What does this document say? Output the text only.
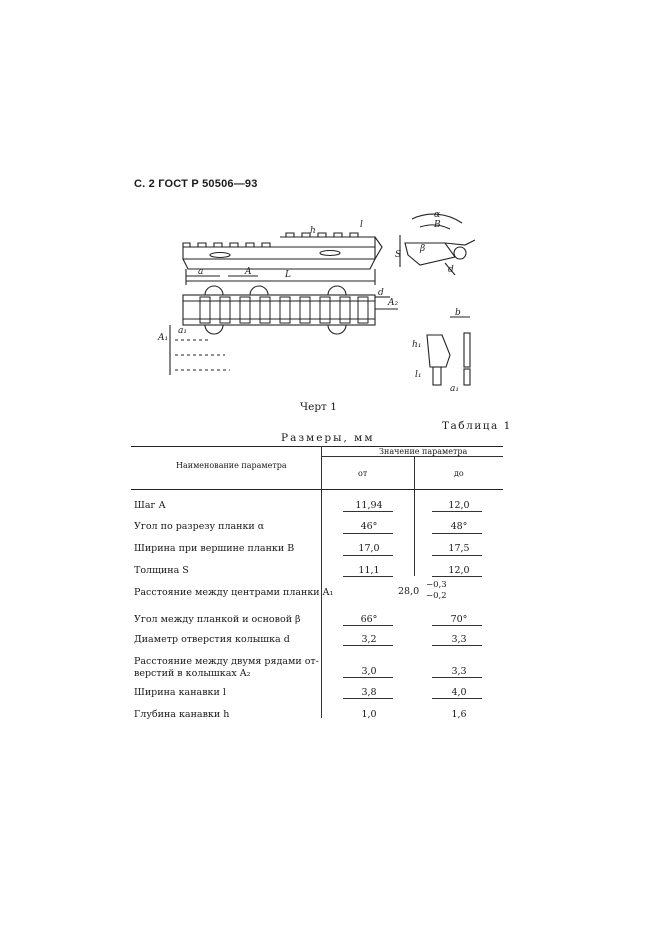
С. 2 ГОСТ Р 50506—93
a	A	L
h
l
S
d
α
B
β
A₁
a₁
d
A₂
b
h₁
l₁
a₁
Черт 1
Таблица 1
Размеры, мм
Наименование параметра
Значение параметра
от	до
Шаг А	11,94	12,0
Угол по разрезу планки α	46°	48°
Ширина при вершине планки В	17,0	17,5
Толщина S	11,1	12,0
Расстояние между центрами планки A₁	28,0
−0,3
−0,2
Угол между планкой и основой β	66°	70°
Диаметр отверстия колышка d	3,2	3,3
Расстояние между двумя рядами от-
верстий в колышках A₂	3,0	3,3
Ширина канавки l	3,8	4,0
Глубина канавки h	1,0	1,6
